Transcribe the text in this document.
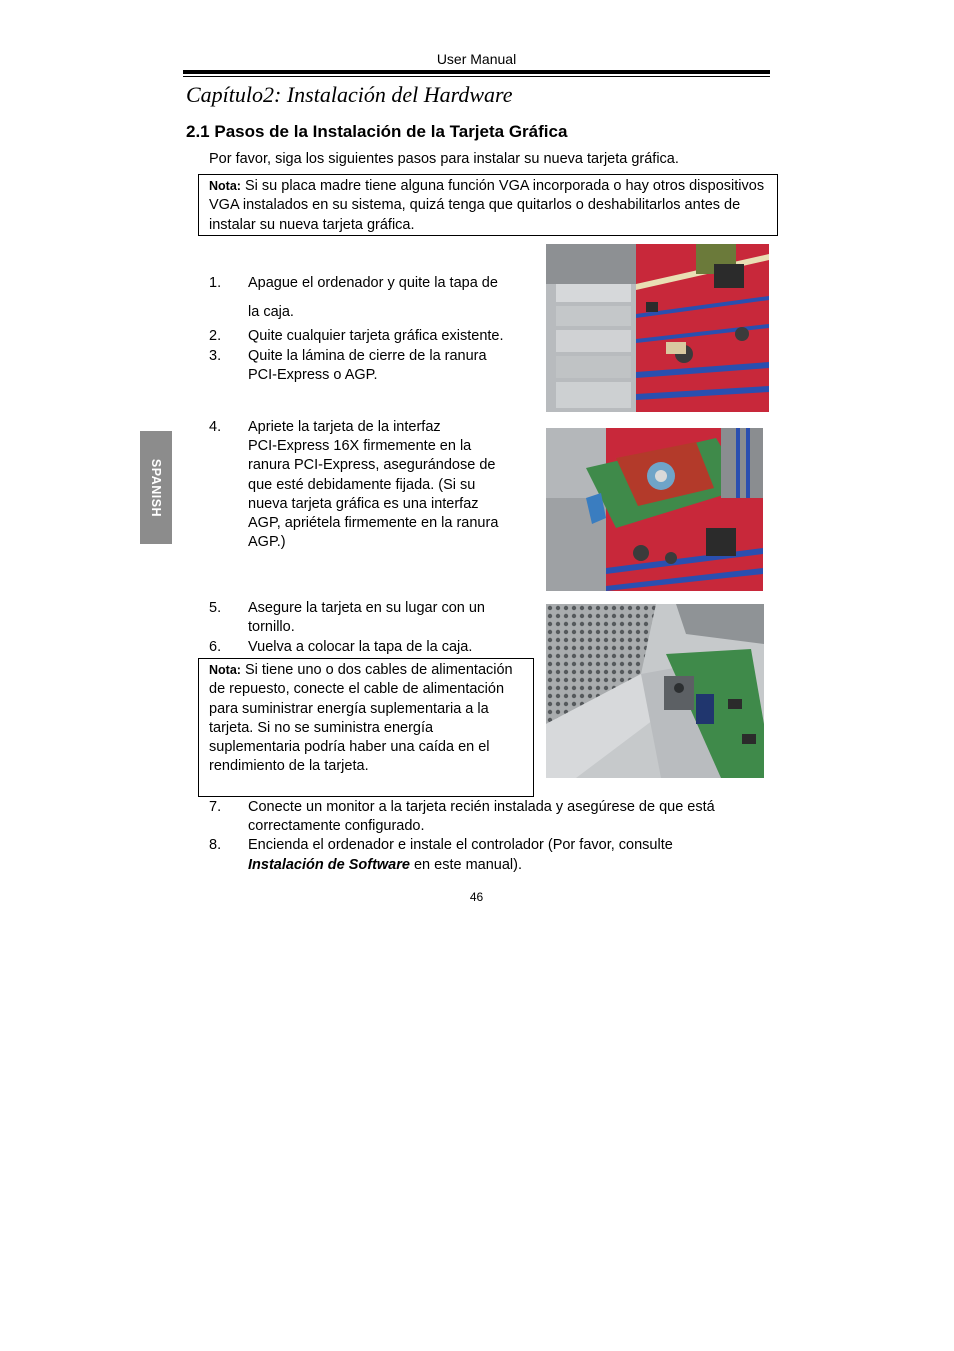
User Manual
Capítulo2: Instalación del Hardware
2.1 Pasos de la Instalación de la Tarjeta Gráfica
Por favor, siga los siguientes pasos para instalar su nueva tarjeta gráfica.
Nota: Si su placa madre tiene alguna función VGA incorporada o hay otros dispositivos VGA instalados en su sistema, quizá tenga que quitarlos o deshabilitarlos antes de instalar su nueva tarjeta gráfica.
1. Apague el ordenador y quite la tapa de
la caja.
2. Quite cualquier tarjeta gráfica existente.
3. Quite la lámina de cierre de la ranura
PCI-Express o AGP.
4. Apriete la tarjeta de la interfaz
PCI-Express 16X firmemente en la
ranura PCI-Express, asegurándose de
que esté debidamente fijada. (Si su
nueva tarjeta gráfica es una interfaz
AGP, apriételа firmemente en la ranura
AGP.)
5. Asegure la tarjeta en su lugar con un
tornillo.
6. Vuelva a colocar la tapa de la caja.
Nota: Si tiene uno o dos cables de alimentación de repuesto, conecte el cable de alimentación para suministrar energía suplementaria a la tarjeta. Si no se suministra energía suplementaria podría haber una caída en el rendimiento de la tarjeta.
7. Conecte un monitor a la tarjeta recién instalada y asegúrese de que está
correctamente configurado.
8. Encienda el ordenador e instale el controlador (Por favor, consulte
Instalación de Software en este manual).
SPANISH
46
